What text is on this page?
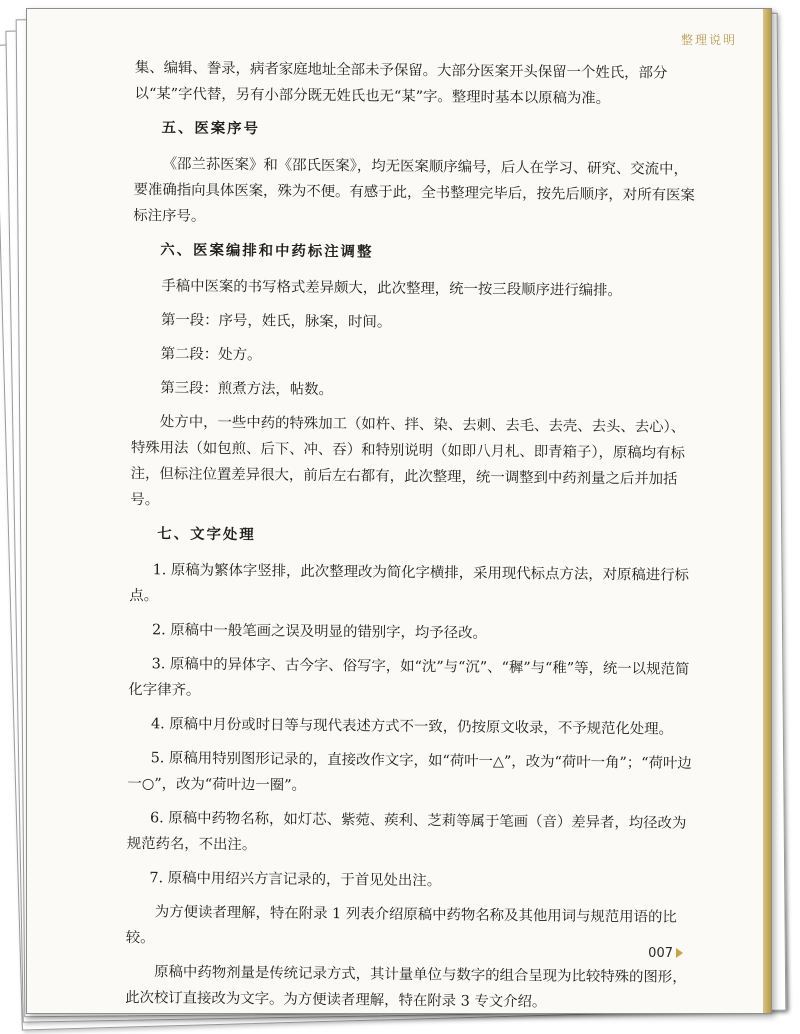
整理说明

集、编辑、誊录，病者家庭地址全部未予保留。大部分医案开头保留一个姓氏，部分以“某”字代替，另有小部分既无姓氏也无“某”字。整理时基本以原稿为准。

五、医案序号

《邵兰荪医案》和《邵氏医案》，均无医案顺序编号，后人在学习、研究、交流中，要准确指向具体医案，殊为不便。有感于此，全书整理完毕后，按先后顺序，对所有医案标注序号。

六、医案编排和中药标注调整

手稿中医案的书写格式差异颇大，此次整理，统一按三段顺序进行编排。

第一段：序号，姓氏，脉案，时间。

第二段：处方。

第三段：煎煮方法，帖数。

处方中，一些中药的特殊加工（如杵、拌、染、去刺、去毛、去壳、去头、去心）、特殊用法（如包煎、后下、冲、吞）和特别说明（如即八月札、即青箱子），原稿均有标注，但标注位置差异很大，前后左右都有，此次整理，统一调整到中药剂量之后并加括号。

七、文字处理

1. 原稿为繁体字竖排，此次整理改为简化字横排，采用现代标点方法，对原稿进行标点。

2. 原稿中一般笔画之误及明显的错别字，均予径改。

3. 原稿中的异体字、古今字、俗写字，如“沈”与“沉”、“穉”与“稚”等，统一以规范简化字律齐。

4. 原稿中月份或时日等与现代表述方式不一致，仍按原文收录，不予规范化处理。

5. 原稿用特别图形记录的，直接改作文字，如“荷叶一△”，改为“荷叶一角”；“荷叶边一○”，改为“荷叶边一圈”。

6. 原稿中药物名称，如灯芯、紫菀、蒺利、芝莉等属于笔画（音）差异者，均径改为规范药名，不出注。

7. 原稿中用绍兴方言记录的，于首见处出注。

为方便读者理解，特在附录 1 列表介绍原稿中药物名称及其他用词与规范用语的比较。

原稿中药物剂量是传统记录方式，其计量单位与数字的组合呈现为比较特殊的图形，此次校订直接改为文字。为方便读者理解，特在附录 3 专文介绍。

007
